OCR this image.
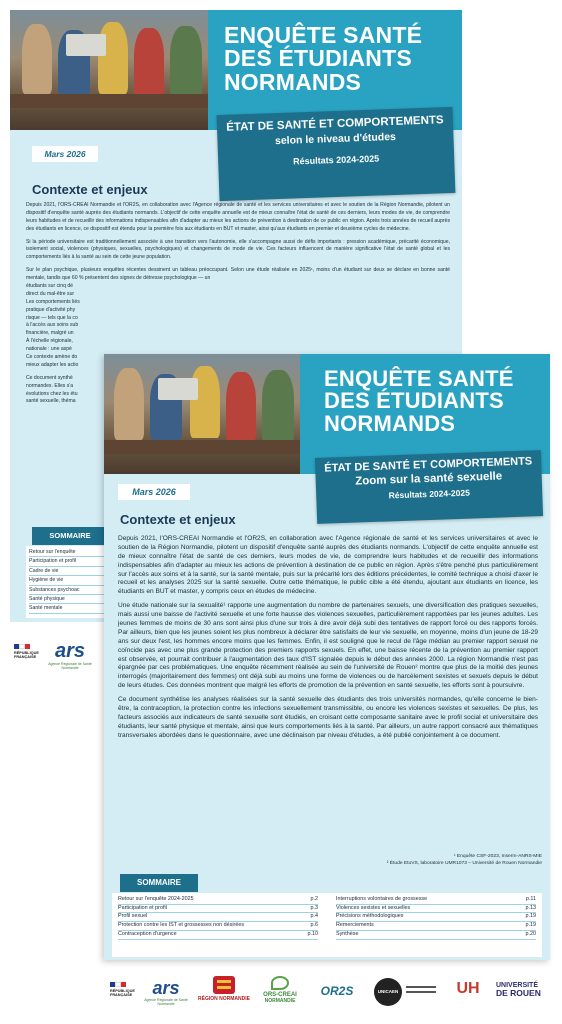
ENQUÊTE SANTÉ
DES ÉTUDIANTS
NORMANDS
ÉTAT DE SANTÉ ET COMPORTEMENTS
selon le niveau d'études
Résultats 2024-2025
Mars 2026
Contexte et enjeux

Depuis 2021, l'ORS-CREAI Normandie et l'OR2S, en collaboration avec l'Agence régionale de santé et les services universitaires et avec le soutien de la Région Normandie, pilotent un dispositif d'enquête santé auprès des étudiants normands. L'objectif de cette enquête annuelle est de mieux connaître l'état de santé de ces derniers, leurs modes de vie, de comprendre leurs habitudes et de recueillir des informations indispensables afin d'adapter au mieux les actions de prévention à destination de ce public en région. Après trois années de recueil auprès des étudiants en licence, ce dispositif est étendu pour la première fois aux étudiants en BUT et master, ainsi qu'aux étudiants en premier et deuxième cycles de médecine.

Si la période universitaire est traditionnellement associée à une transition vers l'autonomie, elle s'accompagne aussi de défis importants : pression académique, précarité économique, isolement social, violences (physiques, sexuelles, psychologiques) et changements de mode de vie. Ces facteurs influencent de manière significative l'état de santé global et les comportements liés à la santé au sein de cette jeune population.

Sur le plan psychique, plusieurs enquêtes récentes dessinent un tableau préoccupant. Selon une étude réalisée en 2025¹, moins d'un étudiant sur deux se déclare en bonne santé mentale, tandis que 60 % présentent des signes de détresse psychologique — un

étudiants sur cinq dé
direct du mal-être sur
Les comportements liés
pratique d'activité phy
risque — tels que la co
à l'accès aux soins sub
financière, malgré un
À l'échelle régionale,
nationale : une aspé
Ce contexte amène do
mieux adapter les actio
Ce document synthé
normandes. Elles s'a
évolutions chez les étu
santé sexuelle, théma
SOMMAIRE
Retour sur l'enquête
Participation et profil
Cadre de vie
Hygiène de vie
Substances psychoac
Santé physique
Santé mentale
RÉPUBLIQUE
FRANÇAISE ars
Agence Régionale de Santé Normandie
ENQUÊTE SANTÉ
DES ÉTUDIANTS
NORMANDS
ÉTAT DE SANTÉ ET COMPORTEMENTS
Zoom sur la santé sexuelle
Résultats 2024-2025
Mars 2026
Contexte et enjeux

Depuis 2021, l'ORS-CREAI Normandie et l'OR2S, en collaboration avec l'Agence régionale de santé et les services universitaires et avec le soutien de la Région Normandie, pilotent un dispositif d'enquête santé auprès des étudiants normands. L'objectif de cette enquête annuelle est de mieux connaître l'état de santé de ces derniers, leurs modes de vie, de comprendre leurs habitudes et de recueillir des informations indispensables afin d'adapter au mieux les actions de prévention à destination de ce public en région. Après s'être penché plus particulièrement sur l'accès aux soins et à la santé, sur la santé mentale, puis sur la précarité lors des éditions précédentes, le comité technique a choisi d'axer le recueil et les analyses 2025 sur la santé sexuelle. Outre cette thématique, le public cible a été étendu, ajoutant aux étudiants en licence, les étudiants en BUT et master, y compris ceux en études de médecine.

Une étude nationale sur la sexualité¹ rapporte une augmentation du nombre de partenaires sexuels, une diversification des pratiques sexuelles, mais aussi une baisse de l'activité sexuelle et une forte hausse des violences sexuelles, particulièrement rapportées par les jeunes adultes. Les jeunes femmes de moins de 30 ans sont ainsi plus d'une sur trois à dire avoir déjà subi des tentatives de rapport forcé ou des rapports forcés. Par ailleurs, bien que les jeunes soient les plus nombreux à déclarer être satisfaits de leur vie sexuelle, en moyenne, moins d'un jeune de 18-29 ans sur deux l'est, les hommes encore moins que les femmes. Enfin, il est souligné que le recul de l'âge médian au premier rapport sexuel ne coïncide pas avec une plus grande protection des premiers rapports sexuels. En effet, une baisse récente de la prévention au premier rapport est observée, et pourrait contribuer à l'augmentation des taux d'IST signalée depuis le début des années 2000. La région Normandie n'est pas épargnée par ces problématiques. Une enquête récemment réalisée au sein de l'université de Rouen² montre que plus de la moitié des jeunes interrogés (majoritairement des femmes) ont déjà subi au moins une forme de violences ou de harcèlement sexistes et sexuels depuis le début de leurs études. Ces données montrent que malgré les efforts de promotion de la prévention en santé sexuelle, les efforts sont à poursuivre.

Ce document synthétise les analyses réalisées sur la santé sexuelle des étudiants des trois universités normandes, qu'elle concerne le bien-être, la contraception, la protection contre les infections sexuellement transmissible, ou encore les violences sexistes et sexuelles. De plus, les facteurs associés aux indicateurs de santé sexuelle sont étudiés, en croisant cette composante sanitaire avec le profil social et universitaire des étudiants, leur santé physique et mentale, ainsi que leurs comportements liés à la santé. Par ailleurs, un autre rapport consacré aux thématiques transversales abordées dans le questionnaire, avec une déclinaison par niveau d'études, a été publié conjointement à ce document.

¹ Enquête CSF-2023, Inserm-ANRS-MIE
² Étude EtuVS, laboratoire UMR1073 – Université de Rouen Normandie
SOMMAIRE
Retour sur l'enquête 2024-2025	p.2
Participation et profil	p.3
Profil sexuel	p.4
Protection contre les IST et grossesses non désirées	p.6
Contraception d'urgence	p.10
Interruptions volontaires de grossesse	p.11
Violences sexistes et sexuelles	p.13
Précisions méthodologiques	p.19
Remerciements	p.19
Synthèse	p.20
RÉPUBLIQUE
FRANÇAISE	ars
Agence Régionale de Santé Normandie
RÉGION NORMANDIE
ORS-CREAI
NORMANDIE
OR2S	UNICAEN	UH	UNIVERSITÉ
DE ROUEN
